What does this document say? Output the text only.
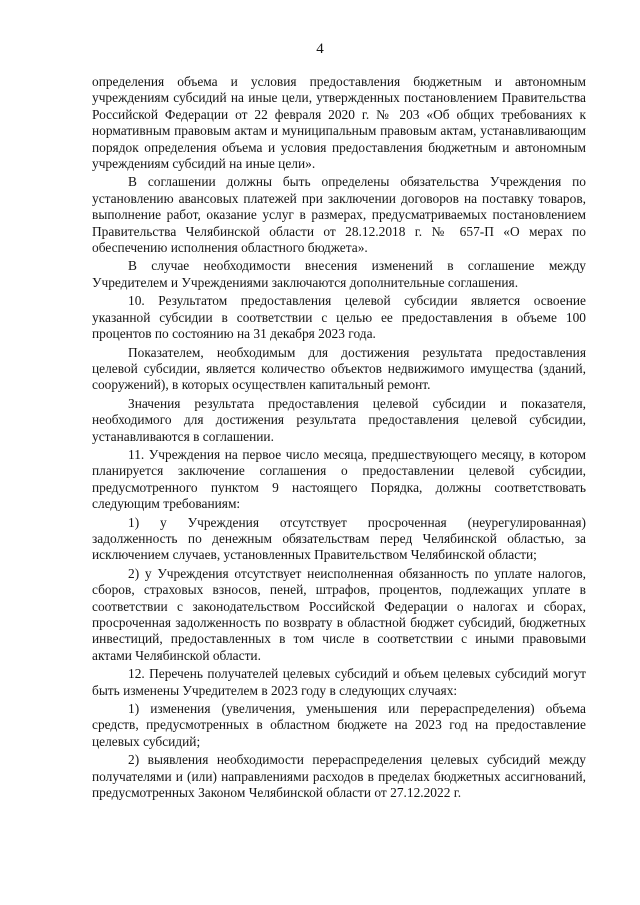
4

определения объема и условия предоставления бюджетным и автономным учреждениям субсидий на иные цели, утвержденных постановлением Правительства Российской Федерации от 22 февраля 2020 г. № 203 «Об общих требованиях к нормативным правовым актам и муниципальным правовым актам, устанавливающим порядок определения объема и условия предоставления бюджетным и автономным учреждениям субсидий на иные цели».

В соглашении должны быть определены обязательства Учреждения по установлению авансовых платежей при заключении договоров на поставку товаров, выполнение работ, оказание услуг в размерах, предусматриваемых постановлением Правительства Челябинской области от 28.12.2018 г. № 657-П «О мерах по обеспечению исполнения областного бюджета».

В случае необходимости внесения изменений в соглашение между Учредителем и Учреждениями заключаются дополнительные соглашения.

10. Результатом предоставления целевой субсидии является освоение указанной субсидии в соответствии с целью ее предоставления в объеме 100 процентов по состоянию на 31 декабря 2023 года.

Показателем, необходимым для достижения результата предоставления целевой субсидии, является количество объектов недвижимого имущества (зданий, сооружений), в которых осуществлен капитальный ремонт.

Значения результата предоставления целевой субсидии и показателя, необходимого для достижения результата предоставления целевой субсидии, устанавливаются в соглашении.

11. Учреждения на первое число месяца, предшествующего месяцу, в котором планируется заключение соглашения о предоставлении целевой субсидии, предусмотренного пунктом 9 настоящего Порядка, должны соответствовать следующим требованиям:

1) у Учреждения отсутствует просроченная (неурегулированная) задолженность по денежным обязательствам перед Челябинской областью, за исключением случаев, установленных Правительством Челябинской области;

2) у Учреждения отсутствует неисполненная обязанность по уплате налогов, сборов, страховых взносов, пеней, штрафов, процентов, подлежащих уплате в соответствии с законодательством Российской Федерации о налогах и сборах, просроченная задолженность по возврату в областной бюджет субсидий, бюджетных инвестиций, предоставленных в том числе в соответствии с иными правовыми актами Челябинской области.

12. Перечень получателей целевых субсидий и объем целевых субсидий могут быть изменены Учредителем в 2023 году в следующих случаях:

1) изменения (увеличения, уменьшения или перераспределения) объема средств, предусмотренных в областном бюджете на 2023 год на предоставление целевых субсидий;

2) выявления необходимости перераспределения целевых субсидий между получателями и (или) направлениями расходов в пределах бюджетных ассигнований, предусмотренных Законом Челябинской области от 27.12.2022 г.
